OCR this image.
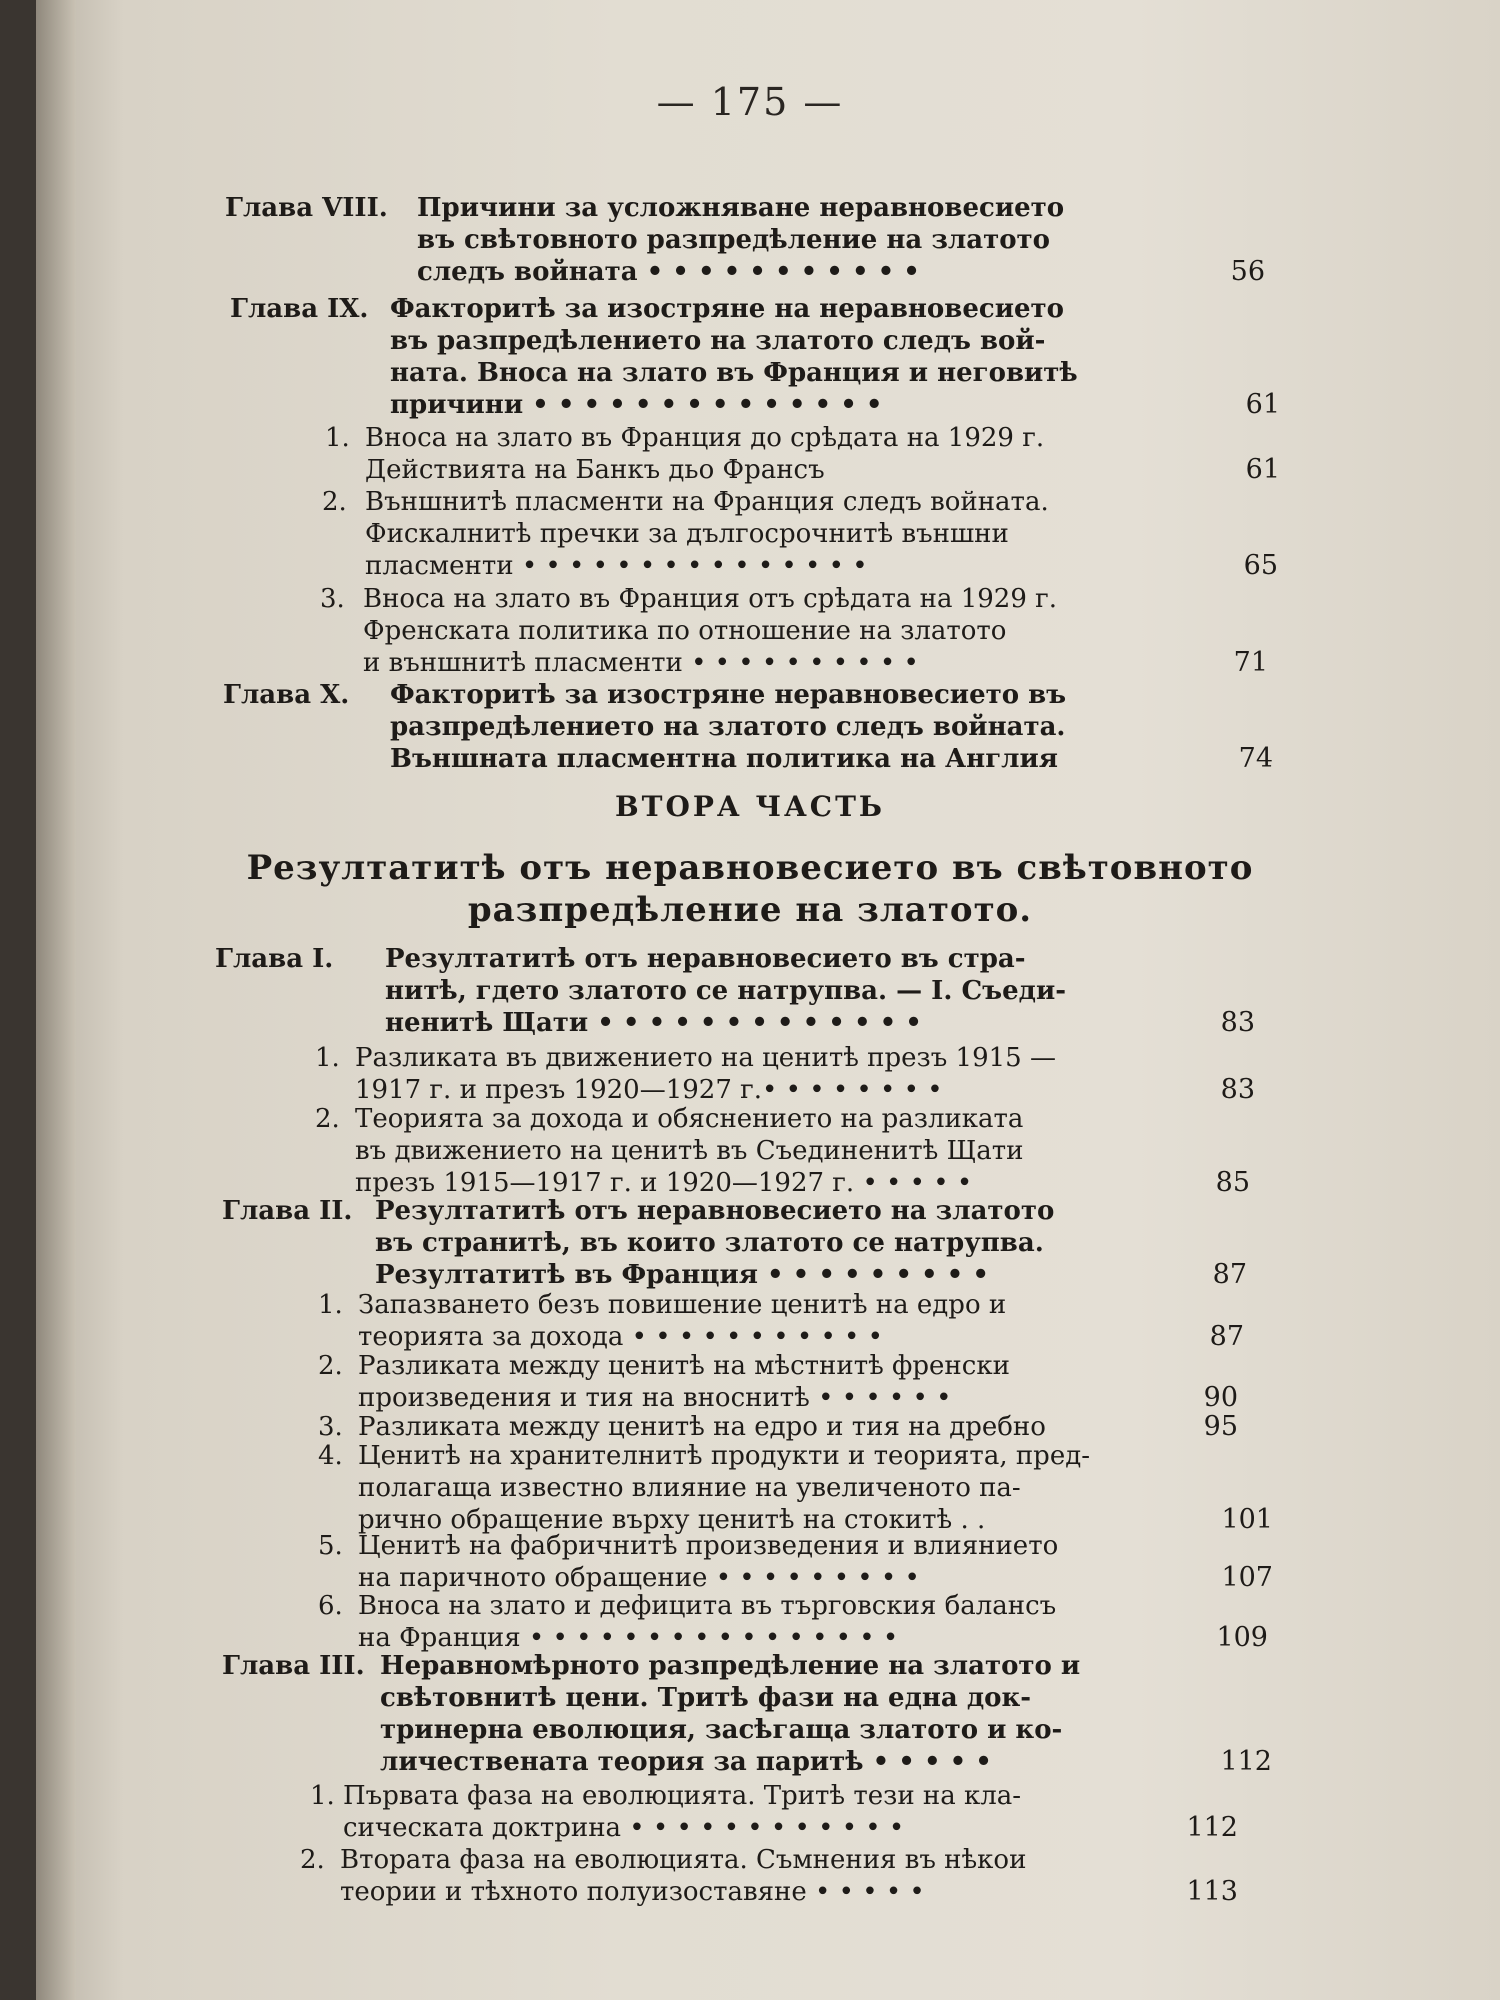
— 175 —
Глава VIII. Причини за усложняване неравновесието
въ свѣтовното разпредѣление на златото
следъ войната • • • • • • • • • • •	56
Глава IX. Факторитѣ за изостряне на неравновесието
въ разпредѣлението на златото следъ вой-
ната. Вноса на злато въ Франция и неговитѣ
причини • • • • • • • • • • • • • •	61
1. Вноса на злато въ Франция до срѣдата на 1929 г.
Действията на Банкъ дьо Франсъ	61
2. Външнитѣ пласменти на Франция следъ войната.
Фискалнитѣ пречки за дългосрочнитѣ външни
пласменти • • • • • • • • • • • • • • •	65
3. Вноса на злато въ Франция отъ срѣдата на 1929 г.
Френската политика по отношение на златото
и външнитѣ пласменти • • • • • • • • • •	71
Глава X. Факторитѣ за изостряне неравновесието въ
разпредѣлението на златото следъ войната.
Външната пласментна политика на Англия	74
ВТОРА ЧАСТЬ
Резултатитѣ отъ неравновесието въ свѣтовното
разпредѣление на златото.
Глава I. Резултатитѣ отъ неравновесието въ стра-
нитѣ, гдето златото се натрупва. — I. Съеди-
ненитѣ Щати • • • • • • • • • • • • •	83
1. Разликата въ движението на ценитѣ презъ 1915 —
1917 г. и презъ 1920—1927 г.• • • • • • • •	83
2. Теорията за дохода и обяснението на разликата
въ движението на ценитѣ въ Съединенитѣ Щати
презъ 1915—1917 г. и 1920—1927 г. • • • • •	85
Глава II. Резултатитѣ отъ неравновесието на златото
въ странитѣ, въ които златото се натрупва.
Резултатитѣ въ Франция • • • • • • • • •	87
1. Запазването безъ повишение ценитѣ на едро и
теорията за дохода • • • • • • • • • • •	87
2. Разликата между ценитѣ на мѣстнитѣ френски
произведения и тия на вноснитѣ • • • • • •	90
3. Разликата между ценитѣ на едро и тия на дребно	95
4. Ценитѣ на хранителнитѣ продукти и теорията, пред-
полагаща известно влияние на увеличеното па-
рично обращение върху ценитѣ на стокитѣ . .	101
5. Ценитѣ на фабричнитѣ произведения и влиянието
на паричното обращение • • • • • • • • •	107
6. Вноса на злато и дефицита въ търговския балансъ
на Франция • • • • • • • • • • • • • • • •	109
Глава III. Неравномѣрното разпредѣление на златото и
свѣтовнитѣ цени. Тритѣ фази на една док-
тринерна еволюция, засѣгаща златото и ко-
личествената теория за паритѣ • • • • •	112
1. Първата фаза на еволюцията. Тритѣ тези на кла-
сическата доктрина • • • • • • • • • • • •	112
2. Втората фаза на еволюцията. Съмнения въ нѣкои
теории и тѣхното полуизоставяне • • • • •	113
